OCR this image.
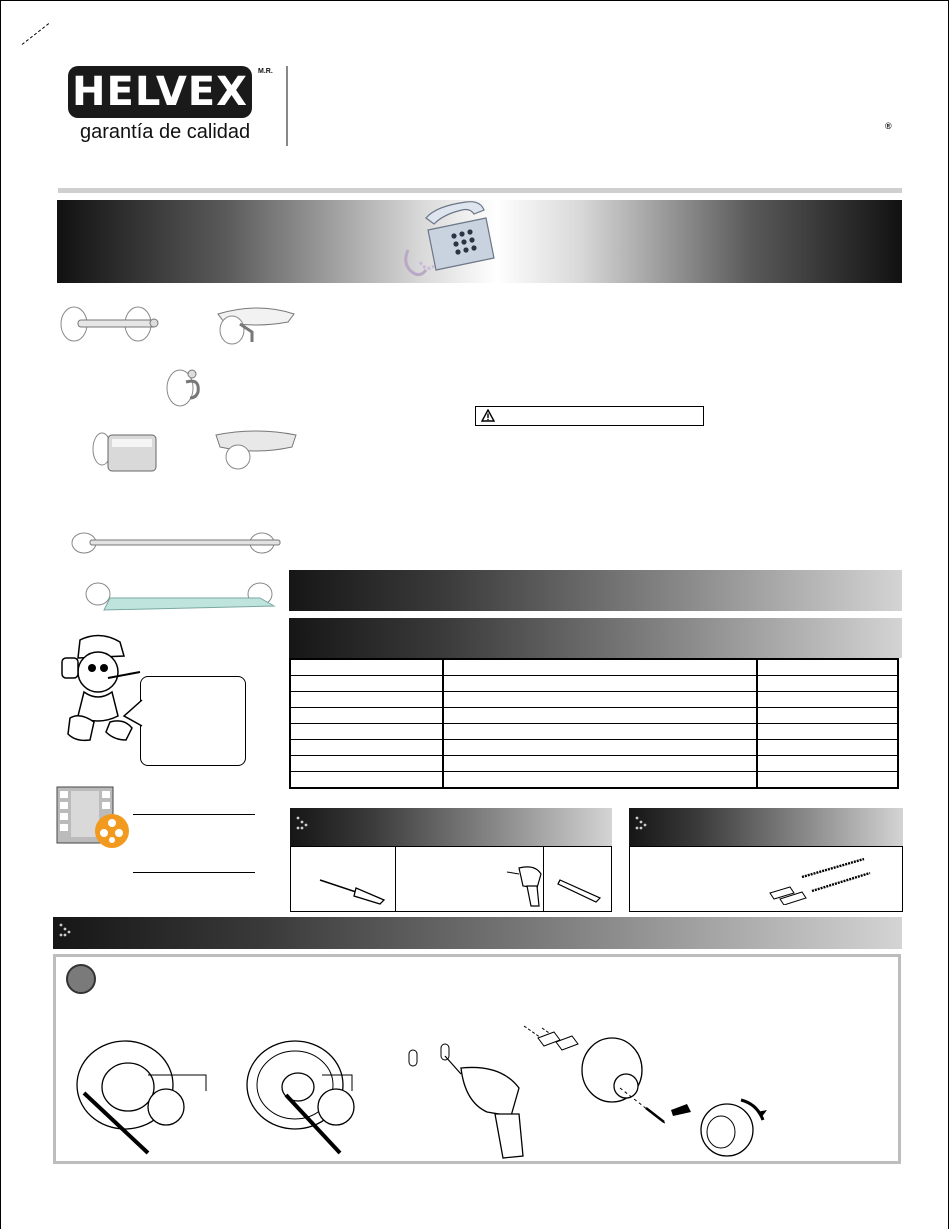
HELVEX	M.R.
garantía de calidad	®
